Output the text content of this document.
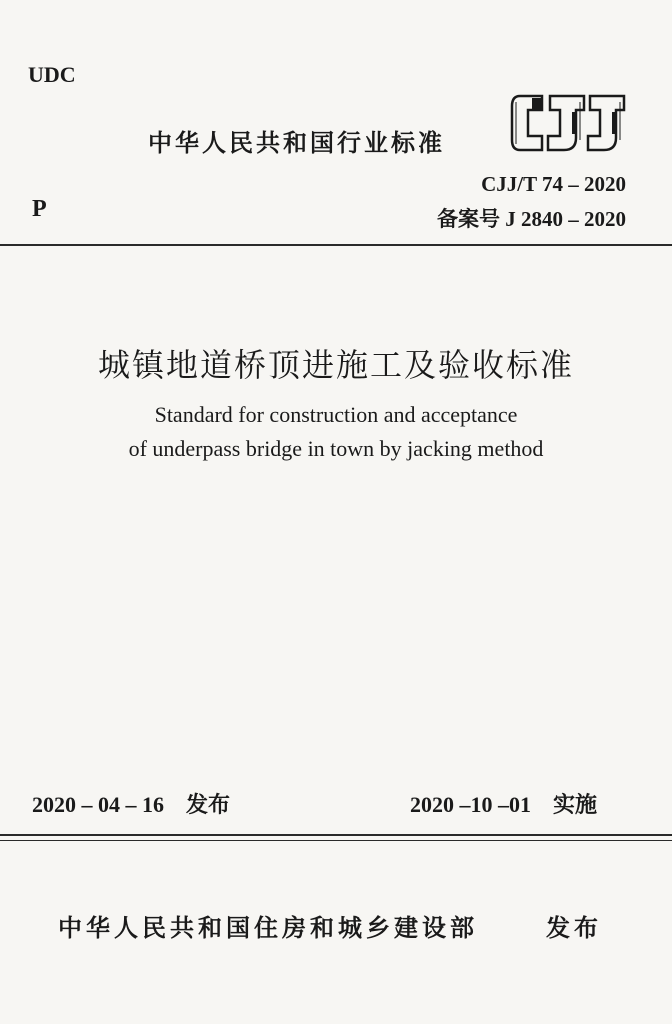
UDC
中华人民共和国行业标准
CJJ/T 74 – 2020
备案号 J 2840 – 2020
P
城镇地道桥顶进施工及验收标准
Standard for construction and acceptance
of underpass bridge in town by jacking method
2020 – 04 – 16 发布	2020 –10 –01 实施
中华人民共和国住房和城乡建设部	发布
